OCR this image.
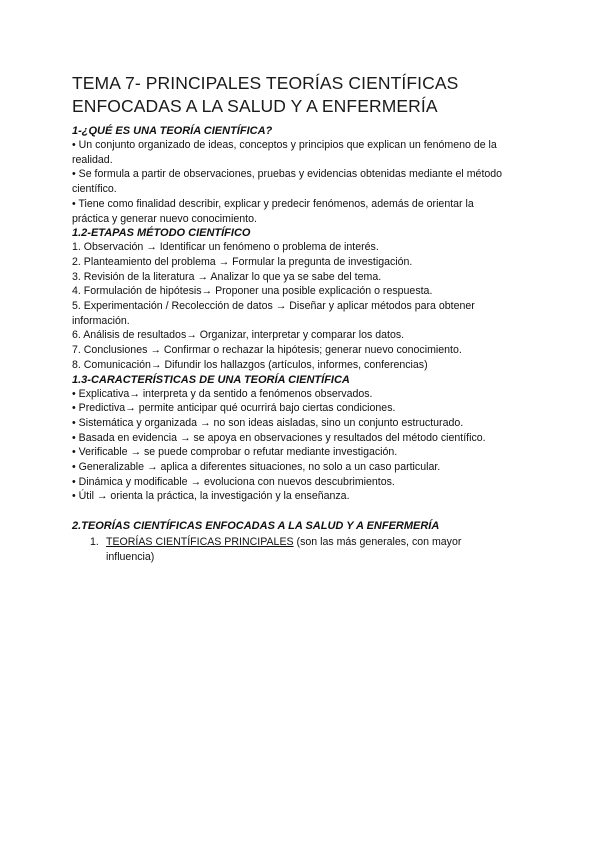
TEMA 7- PRINCIPALES TEORÍAS CIENTÍFICAS
ENFOCADAS A LA SALUD Y A ENFERMERÍA

1-¿QUÉ ES UNA TEORÍA CIENTÍFICA?

• Un conjunto organizado de ideas, conceptos y principios que explican un fenómeno de la

realidad.

• Se formula a partir de observaciones, pruebas y evidencias obtenidas mediante el método

científico.

• Tiene como finalidad describir, explicar y predecir fenómenos, además de orientar la

práctica y generar nuevo conocimiento.

1.2-ETAPAS MÉTODO CIENTÍFICO

1. Observación → Identificar un fenómeno o problema de interés.

2. Planteamiento del problema → Formular la pregunta de investigación.

3. Revisión de la literatura → Analizar lo que ya se sabe del tema.

4. Formulación de hipótesis→ Proponer una posible explicación o respuesta.

5. Experimentación / Recolección de datos → Diseñar y aplicar métodos para obtener

información.

6. Análisis de resultados→ Organizar, interpretar y comparar los datos.

7. Conclusiones → Confirmar o rechazar la hipótesis; generar nuevo conocimiento.

8. Comunicación→ Difundir los hallazgos (artículos, informes, conferencias)

1.3-CARACTERÍSTICAS DE UNA TEORÍA CIENTÍFICA

• Explicativa→ interpreta y da sentido a fenómenos observados.

• Predictiva→ permite anticipar qué ocurrirá bajo ciertas condiciones.

• Sistemática y organizada → no son ideas aisladas, sino un conjunto estructurado.

• Basada en evidencia → se apoya en observaciones y resultados del método científico.

• Verificable → se puede comprobar o refutar mediante investigación.

• Generalizable → aplica a diferentes situaciones, no solo a un caso particular.

• Dinámica y modificable → evoluciona con nuevos descubrimientos.

• Útil → orienta la práctica, la investigación y la enseñanza.

2.TEORÍAS CIENTÍFICAS ENFOCADAS A LA SALUD Y A ENFERMERÍA

1. TEORÍAS CIENTÍFICAS PRINCIPALES (son las más generales, con mayor
influencia)
